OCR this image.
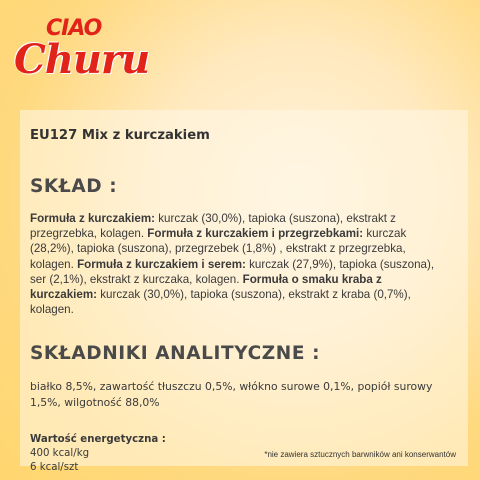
CIAO
Churu
EU127 Mix z kurczakiem
SKŁAD :
Formuła z kurczakiem: kurczak (30,0%), tapioka (suszona), ekstrakt z przegrzebka, kolagen. Formuła z kurczakiem i przegrzebkami: kurczak (28,2%), tapioka (suszona), przegrzebek (1,8%) , ekstrakt z przegrzebka, kolagen. Formuła z kurczakiem i serem: kurczak (27,9%), tapioka (suszona), ser (2,1%), ekstrakt z kurczaka, kolagen. Formuła o smaku kraba z kurczakiem: kurczak (30,0%), tapioka (suszona), ekstrakt z kraba (0,7%), kolagen.
SKŁADNIKI ANALITYCZNE :
białko 8,5%, zawartość tłuszczu 0,5%, włókno surowe 0,1%, popiół surowy 1,5%, wilgotność 88,0%
Wartość energetyczna :
400 kcal/kg
6 kcal/szt
*nie zawiera sztucznych barwników ani konserwantów
